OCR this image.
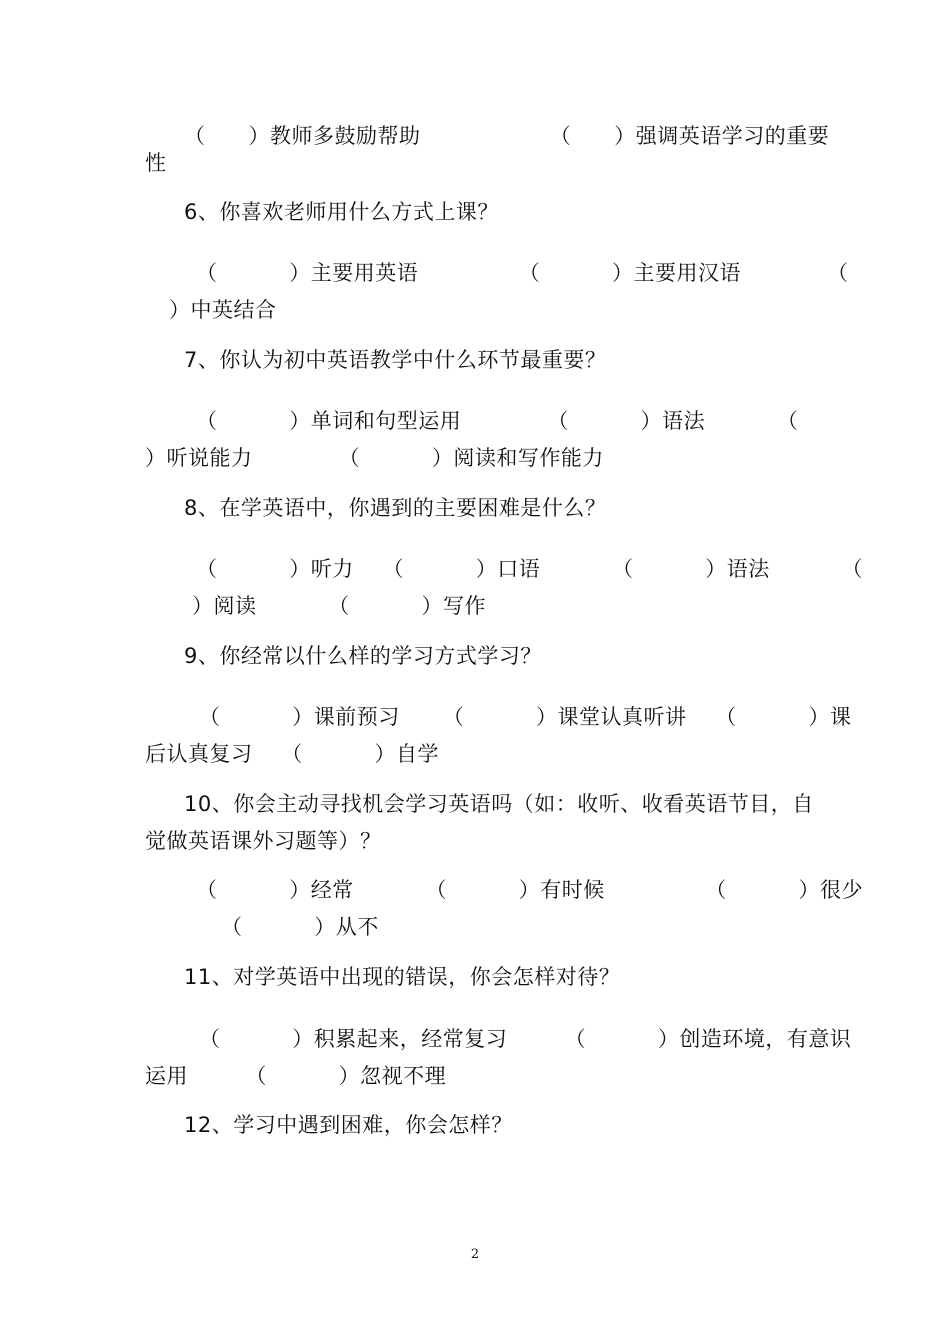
（      ）教师多鼓励帮助                  （      ）强调英语学习的重要
性
6、你喜欢老师用什么方式上课？
（          ）主要用英语              （          ）主要用汉语            （
）中英结合
7、你认为初中英语教学中什么环节最重要？
（          ）单词和句型运用            （          ）语法          （
）听说能力            （          ）阅读和写作能力
8、在学英语中，你遇到的主要困难是什么？
（          ）听力    （          ）口语          （          ）语法          （
）阅读          （          ）写作
9、你经常以什么样的学习方式学习？
（          ）课前预习      （          ）课堂认真听讲    （          ）课
后认真复习    （          ）自学
10、你会主动寻找机会学习英语吗（如：收听、收看英语节目，自
觉做英语课外习题等）？
（          ）经常          （          ）有时候              （          ）很少
（          ）从不
11、对学英语中出现的错误，你会怎样对待？
（          ）积累起来，经常复习        （          ）创造环境，有意识
运用        （          ）忽视不理
12、学习中遇到困难，你会怎样？
2
